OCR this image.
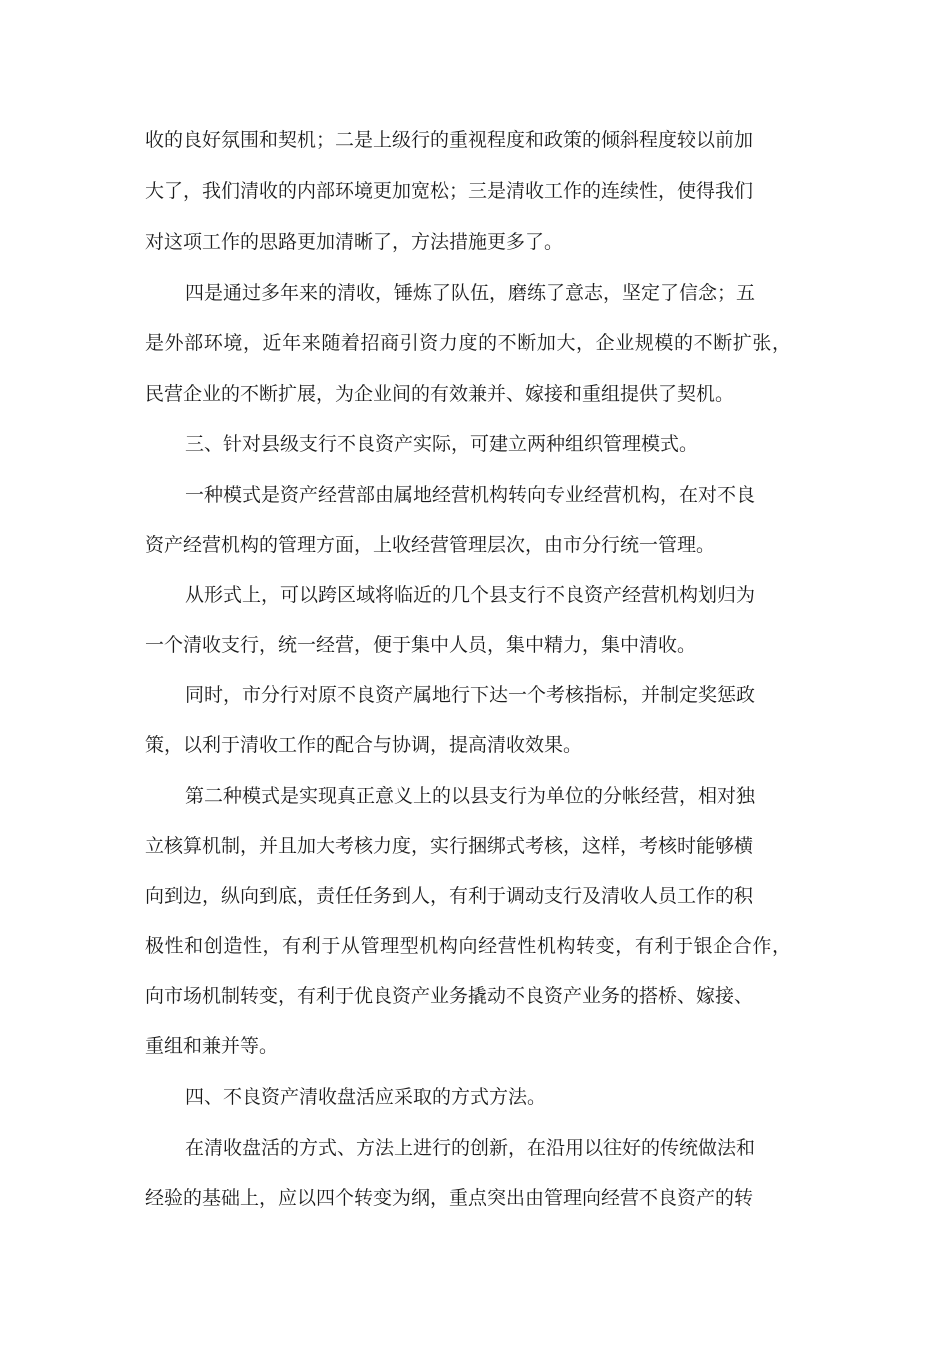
收的良好氛围和契机；二是上级行的重视程度和政策的倾斜程度较以前加
大了，我们清收的内部环境更加宽松；三是清收工作的连续性，使得我们
对这项工作的思路更加清晰了，方法措施更多了。
四是通过多年来的清收，锤炼了队伍，磨练了意志，坚定了信念；五
是外部环境，近年来随着招商引资力度的不断加大，企业规模的不断扩张，
民营企业的不断扩展，为企业间的有效兼并、嫁接和重组提供了契机。
三、针对县级支行不良资产实际，可建立两种组织管理模式。
一种模式是资产经营部由属地经营机构转向专业经营机构，在对不良
资产经营机构的管理方面，上收经营管理层次，由市分行统一管理。
从形式上，可以跨区域将临近的几个县支行不良资产经营机构划归为
一个清收支行，统一经营，便于集中人员，集中精力，集中清收。
同时，市分行对原不良资产属地行下达一个考核指标，并制定奖惩政
策，以利于清收工作的配合与协调，提高清收效果。
第二种模式是实现真正意义上的以县支行为单位的分帐经营，相对独
立核算机制，并且加大考核力度，实行捆绑式考核，这样，考核时能够横
向到边，纵向到底，责任任务到人，有利于调动支行及清收人员工作的积
极性和创造性，有利于从管理型机构向经营性机构转变，有利于银企合作，
向市场机制转变，有利于优良资产业务撬动不良资产业务的搭桥、嫁接、
重组和兼并等。
四、不良资产清收盘活应采取的方式方法。
在清收盘活的方式、方法上进行的创新，在沿用以往好的传统做法和
经验的基础上，应以四个转变为纲，重点突出由管理向经营不良资产的转
